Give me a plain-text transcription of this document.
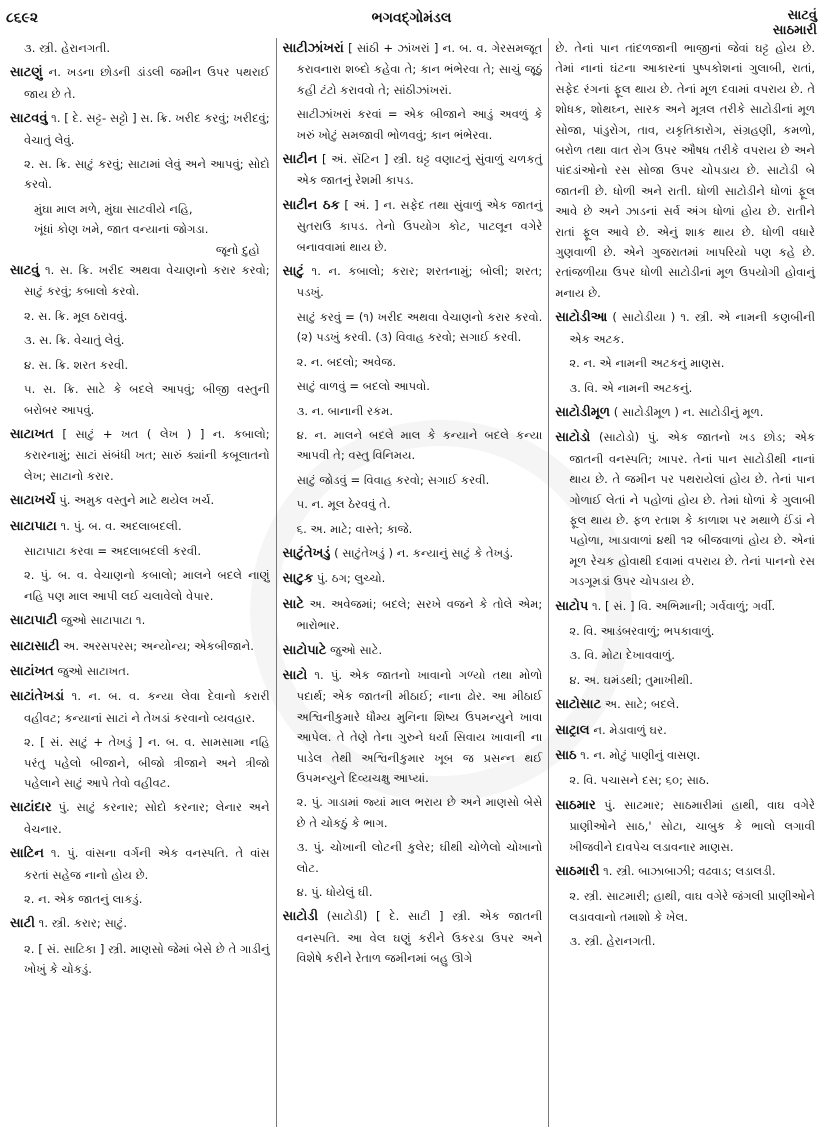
૮૬૯૨	ભગવદ્ગોમંડલ	સાટવું
સાઠમારી
૩. સ્ત્રી. હેરાનગતી.
સાટણું ન. ખડના છોડની ડાંડલી જમીન ઉપર પથરાઈ જાય છે તે.
સાટવવું ૧. [ દે. સટ્ટ- સટ્ટો ] સ. ક્રિ. ખરીદ કરવું; ખરીદવું; વેચાતું લેવું.
૨. સ. ક્રિ. સાટું કરવું; સાટામાં લેવું અને આપવું; સોદો કરવો.
મુંઘા માલ મળે, મુંઘા સાટવીયે નહિ,
ખૂંધાં કોણ ખમે, જાત વન્યાનાં જોગડા.
જૂનો દુહો
સાટવું ૧. સ. ક્રિ. ખરીદ અથવા વેચાણનો કરાર કરવો; સાટું કરવું; કબાલો કરવો.
૨. સ. ક્રિ. મૂલ ઠરાવવું.
૩. સ. ક્રિ. વેચાતું લેવું.
૪. સ. ક્રિ. શરત કરવી.
૫. સ. ક્રિ. સાટે કે બદલે આપવું; બીજી વસ્તુની બરોબર આપવું.
સાટાખત [ સાટું + ખત ( લેખ ) ] ન. કબાલો; કરારનામું; સાટાં સંબંધી ખત; સારું ક્યાંની કબૂલાતનો લેખ; સાટાનો કરાર.
સાટાખર્ચ પું. અમુક વસ્તુને માટે થયેલ ખર્ચ.
સાટાપાટા ૧. પું. બ. વ. અદલાબદલી.
સાટાપાટા કરવા = અદલાબદલી કરવી.
૨. પું. બ. વ. વેચાણનો કબાલો; માલને બદલે નાણું નહિ પણ માલ આપી લઈ ચલાવેલો વેપાર.
સાટાપાટી જુઓ સાટાપાટા ૧.
સાટાસાટી અ. અરસપરસ; અન્યોન્ય; એકબીજાને.
સાટાંખત જુઓ સાટાખત.
સાટાંતેખડાં ૧. ન. બ. વ. કન્યા લેવા દેવાનો કરારી વહીવટ; કન્યાનાં સાટાં ને તેખડાં કરવાનો વ્યવહાર.
૨. [ સં. સાટું + તેખડું ] ન. બ. વ. સામસામા નહિ પરંતુ પહેલો બીજાને, બીજો ત્રીજાને અને ત્રીજો પહેલાને સાટું આપે તેવો વહીવટ.
સાટાંદાર પું. સાટું કરનાર; સોદો કરનાર; લેનાર અને વેચનાર.
સાટિન ૧. પું. વાંસના વર્ગની એક વનસ્પતિ. તે વાંસ કરતાં સહેજ નાનો હોય છે.
૨. ન. એક જાતનું લાકડું.
સાટી ૧. સ્ત્રી. કરાર; સાટું.
૨. [ સં. સાટિકા ] સ્ત્રી. માણસો જેમાં બેસે છે તે ગાડીનું ખોખું કે ચોકડું.
સાટીઝાંખરાં [ સાંઠી + ઝાંખરાં ] ન. બ. વ. ગેરસમજૂત કરાવનારા શબ્દો કહેવા તે; કાન ભંભેરવા તે; સાચું જૂઠું કહી ટંટો કરાવવો તે; સાંઠીઝાંખરાં.
સાટીઝાંખરાં કરવાં = એક બીજાને આડું અવળું કે ખરું ખોટું સમજાવી ભોળવવું; કાન ભંભેરવા.
સાટીન [ અં. સૅટિન ] સ્ત્રી. ઘટ્ટ વણાટનું સુંવાળું ચળકતું એક જાતનું રેશમી કાપડ.
સાટીન ઠક [ અં. ] ન. સફેદ તથા સુંવાળું એક જાતનું સુતરાઉ કાપડ. તેનો ઉપયોગ કોટ, પાટલૂન વગેરે બનાવવામાં થાય છે.
સાટું ૧. ન. કબાલો; કરાર; શરતનામું; બોલી; શરત; પડખું.
સાટું કરવું = (૧) ખરીદ અથવા વેચાણનો કરાર કરવો. (૨) પડખું કરવી. (૩) વિવાહ કરવો; સગાઈ કરવી.
૨. ન. બદલો; અવેજ.
સાટું વાળવું = બદલો આપવો.
૩. ન. બાનાની રકમ.
૪. ન. માલને બદલે માલ કે કન્યાને બદલે કન્યા આપવી તે; વસ્તુ વિનિમય.
સાટું જોડવું = વિવાહ કરવો; સગાઈ કરવી.
૫. ન. મૂલ ઠેરવવું તે.
૬. અ. માટે; વાસ્તે; કાજે.
સાટુંતેખડું ( સાટુંતેખડું ) ન. કન્યાનું સાટું કે તેખડું.
સાટુક પું. ઠગ; લુચ્ચો.
સાટે અ. અવેજમાં; બદલે; સરખે વજને કે તોલે એમ; ભારોભાર.
સાટોપાટે જુઓ સાટે.
સાટો ૧. પું. એક જાતનો ખાવાનો ગળ્યો તથા મોળો પદાર્થ; એક જાતની મીઠાઈ; નાના ઢોર. આ મીઠાઈ અશ્વિનીકુમારે ધૌમ્ય મુનિના શિષ્ય ઉપમન્યુને ખાવા આપેલ. તે તેણે તેના ગુરુને ધર્યા સિવાય ખાવાની ના પાડેલ તેથી અશ્વિનીકુમાર ખૂબ જ પ્રસન્ન થઈ ઉપમન્યુને દિવ્યચક્ષુ આપ્યાં.
૨. પું. ગાડામાં જ્યાં માલ ભરાય છે અને માણસો બેસે છે તે ચોકઠું કે ભાગ.
૩. પું. ચોખાની લોટની કુલેર; ઘીથી ચોળેલો ચોખાનો લોટ.
૪. પું. ધોયેલું ઘી.
સાટોડી (સાટોડી) [ દે. સાટી ] સ્ત્રી. એક જાતની વનસ્પતિ. આ વેલ ઘણું કરીને ઉકરડા ઉપર અને વિશેષે કરીને રેતાળ જમીનમાં બહુ ઊગે
છે. તેનાં પાન તાંદળજાની ભાજીનાં જેવાં ઘટ્ટ હોય છે. તેમાં નાનાં ઘંટના આકારનાં પુષ્પકોશનાં ગુલાબી, રાતાં, સફેદ રંગનાં ફૂલ થાય છે. તેનાં મૂળ દવામાં વપરાય છે. તે શોધક, શોથઘ્ન, સારક અને મૂત્રલ તરીકે સાટોડીનાં મૂળ સોજા, પાંડુરોગ, તાવ, યકૃતિકારોગ, સંગ્રહણી, કમળો, બરોળ તથા વાત રોગ ઉપર ઔષધ તરીકે વપરાય છે અને પાંદડાંઓનો રસ સોજા ઉપર ચોપડાય છે. સાટોડી બે જાતની છે. ધોળી અને રાતી. ધોળી સાટોડીને ધોળાં ફૂલ આવે છે અને ઝાડનાં સર્વ અંગ ધોળાં હોય છે. રાતીને રાતાં ફૂલ આવે છે. એનું શાક થાય છે. ધોળી વધારે ગુણવાળી છે. એને ગુજરાતમાં ખાપરિયો પણ કહે છે. રતાંજળીયા ઉપર ધોળી સાટોડીનાં મૂળ ઉપયોગી હોવાનું મનાય છે.
સાટોડીઆ ( સાટોડીયા ) ૧. સ્ત્રી. એ નામની કણબીની એક અટક.
૨. ન. એ નામની અટકનું માણસ.
૩. વિ. એ નામની અટકનું.
સાટોડીમૂળ ( સાટોડીમૂળ ) ન. સાટોડીનું મૂળ.
સાટોડો (સાટોડો) પું. એક જાતનો ખડ છોડ; એક જાતની વનસ્પતિ; ખાપર. તેનાં પાન સાટોડીથી નાનાં થાય છે. તે જમીન પર પથરાયેલાં હોય છે. તેનાં પાન ગોળાઈ લેતાં ને પહોળાં હોય છે. તેમાં ધોળાં કે ગુલાબી ફૂલ થાય છે. ફળ રતાશ કે કાળાશ પર મથાળે ઈંડાં ને પહોળા, ખાડાવાળાં ૪થી ૧૨ બીજવાળાં હોય છે. એનાં મૂળ રેચક હોવાથી દવામાં વપરાય છે. તેનાં પાનનો રસ ગડગૂમડાં ઉપર ચોપડાય છે.
સાટોપ ૧. [ સં. ] વિ. અભિમાની; ગર્વવાળું; ગર્વી.
૨. વિ. આડંબરવાળું; ભપકાવાળું.
૩. વિ. મોટા દેખાવવાળું.
૪. અ. ઘમંડથી; તુમાખીથી.
સાટોસાટ અ. સાટે; બદલે.
સાટ્રાલ ન. મેડાવાળું ઘર.
સાઠ ૧. ન. મોટું પાણીનું વાસણ.
૨. વિ. પચાસને દસ; ૬૦; સાઠ.
સાઠમાર પું. સાટમાર; સાઠમારીમાં હાથી, વાઘ વગેરે પ્રાણીઓને સાઠ,' સોટા, ચાબુક કે ભાલો લગાવી ખીજવીને દાવપેચ લડાવનાર માણસ.
સાઠમારી ૧. સ્ત્રી. બાઝાબાઝી; વઢવાડ; લડાલડી.
૨. સ્ત્રી. સાટમારી; હાથી, વાઘ વગેરે જંગલી પ્રાણીઓને લડાવવાનો તમાશો કે ખેલ.
૩. સ્ત્રી. હેરાનગતી.
